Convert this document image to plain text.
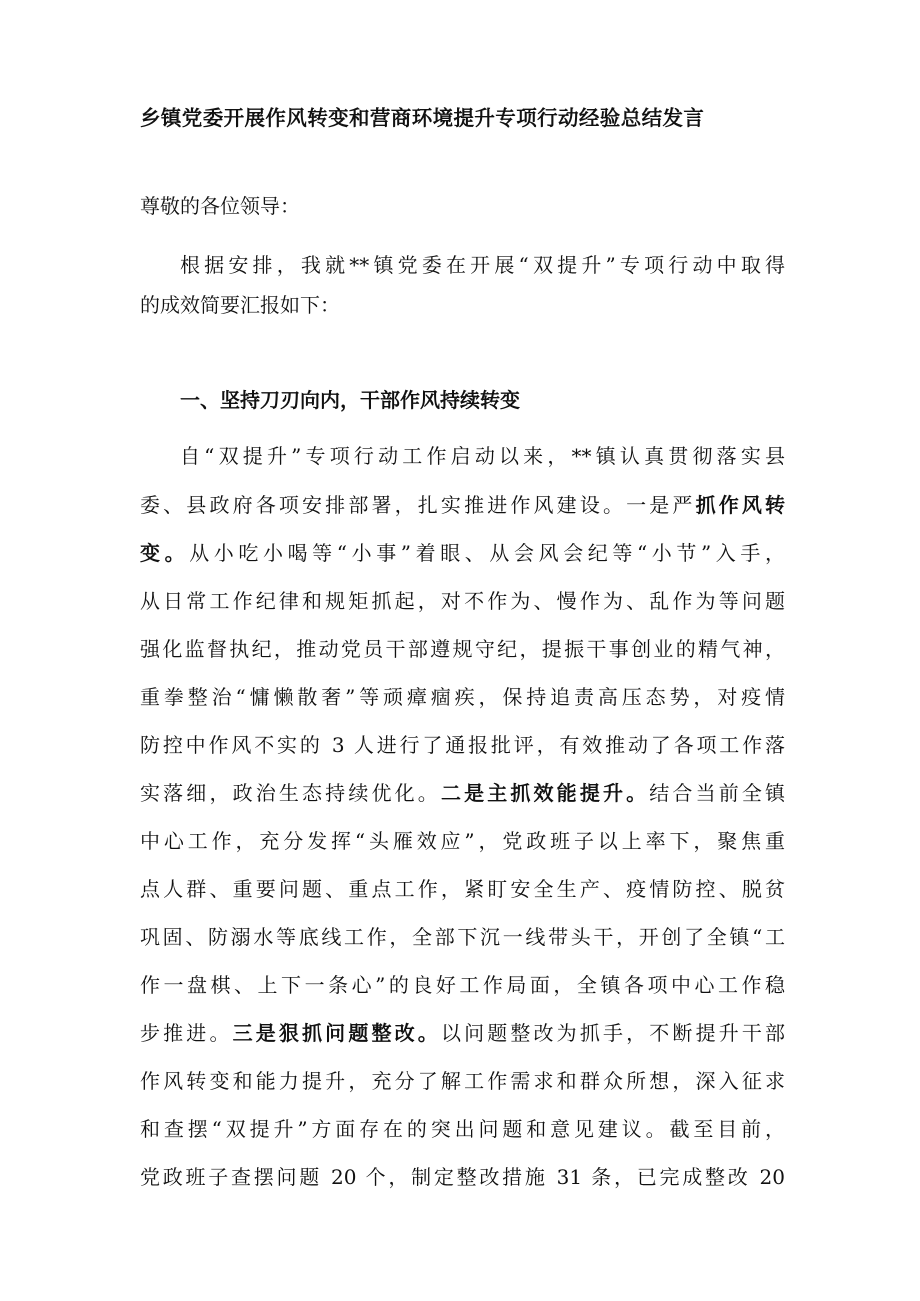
乡镇党委开展作风转变和营商环境提升专项行动经验总结发言
尊敬的各位领导：
根据安排，我就**镇党委在开展“双提升”专项行动中取得
的成效简要汇报如下：
一、坚持刀刃向内，干部作风持续转变
自“双提升”专项行动工作启动以来，**镇认真贯彻落实县
委、县政府各项安排部署，扎实推进作风建设。一是严抓作风转
变。从小吃小喝等“小事”着眼、从会风会纪等“小节”入手，
从日常工作纪律和规矩抓起，对不作为、慢作为、乱作为等问题
强化监督执纪，推动党员干部遵规守纪，提振干事创业的精气神，
重拳整治“慵懒散奢”等顽瘴痼疾，保持追责高压态势，对疫情
防控中作风不实的 3 人进行了通报批评，有效推动了各项工作落
实落细，政治生态持续优化。二是主抓效能提升。结合当前全镇
中心工作，充分发挥“头雁效应”，党政班子以上率下，聚焦重
点人群、重要问题、重点工作，紧盯安全生产、疫情防控、脱贫
巩固、防溺水等底线工作，全部下沉一线带头干，开创了全镇“工
作一盘棋、上下一条心”的良好工作局面，全镇各项中心工作稳
步推进。三是狠抓问题整改。以问题整改为抓手，不断提升干部
作风转变和能力提升，充分了解工作需求和群众所想，深入征求
和查摆“双提升”方面存在的突出问题和意见建议。截至目前，
党政班子查摆问题 20 个，制定整改措施 31 条，已完成整改 20
